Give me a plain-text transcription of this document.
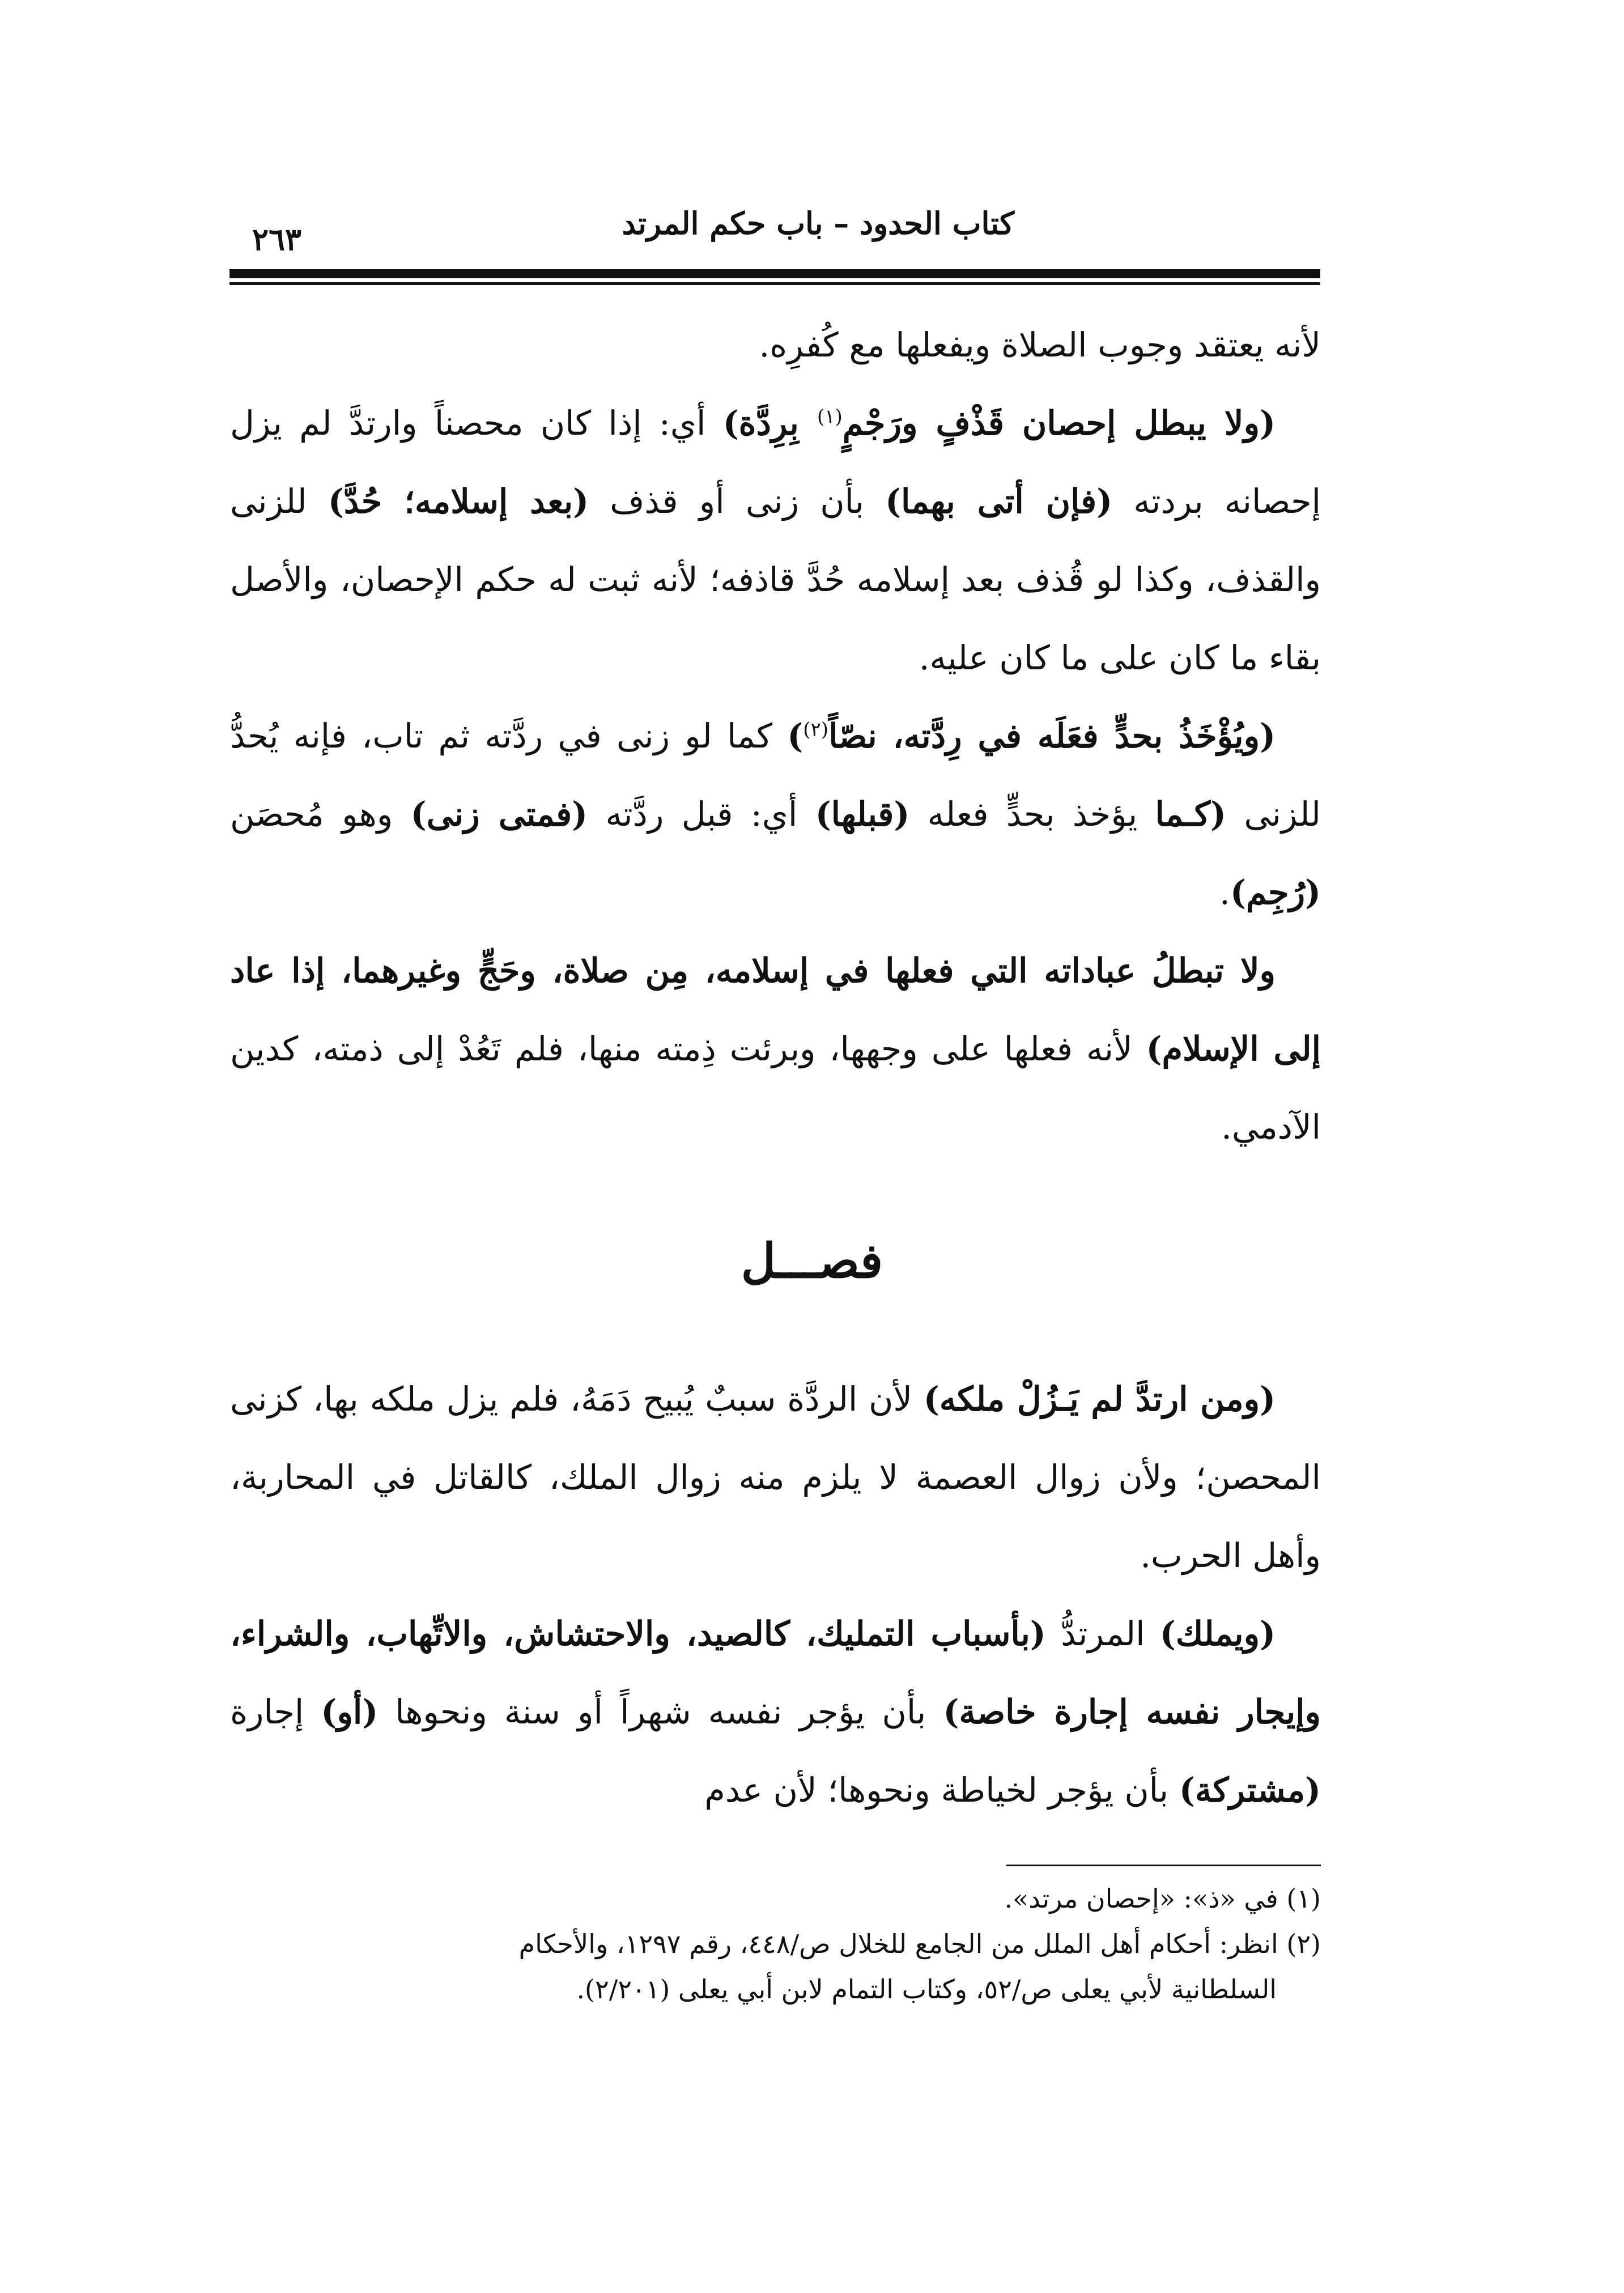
كتاب الحدود – باب حكم المرتد
٢٦٣

لأنه يعتقد وجوب الصلاة ويفعلها مع كُفرِه.

(ولا يبطل إحصان قَذْفٍ ورَجْمٍ$^{(١)}$ بِرِدَّة) أي: إذا كان محصناً وارتدَّ لم يزل إحصانه بردته (فإن أتى بهما) بأن زنى أو قذف (بعد إسلامه؛ حُدَّ) للزنى والقذف، وكذا لو قُذف بعد إسلامه حُدَّ قاذفه؛ لأنه ثبت له حكم الإحصان، والأصل بقاء ما كان على ما كان عليه.

(ويُؤْخَذُ بحدٍّ فعَلَه في رِدَّته، نصّاً$^{(٢)}$) كما لو زنى في ردَّته ثم تاب، فإنه يُحدُّ للزنى (كـما يؤخذ بحدٍّ فعله (قبلها) أي: قبل ردَّته (فمتى زنى) وهو مُحصَن (رُجِم).

ولا تبطلُ عباداته التي فعلها في إسلامه، مِن صلاة، وحَجٍّ وغيرهما، إذا عاد إلى الإسلام) لأنه فعلها على وجهها، وبرئت ذِمته منها، فلم تَعُدْ إلى ذمته، كدين الآدمي.

فصـــل

(ومن ارتدَّ لم يَـزُلْ ملكه) لأن الردَّة سببٌ يُبيح دَمَهُ، فلم يزل ملكه بها، كزنى المحصن؛ ولأن زوال العصمة لا يلزم منه زوال الملك، كالقاتل في المحاربة، وأهل الحرب.

(ويملك) المرتدُّ (بأسباب التمليك، كالصيد، والاحتشاش، والاتِّهاب، والشراء، وإيجار نفسه إجارة خاصة) بأن يؤجر نفسه شهراً أو سنة ونحوها (أو) إجارة (مشتركة) بأن يؤجر لخياطة ونحوها؛ لأن عدم

(١) في «ذ»: «إحصان مرتد».

(٢) انظر: أحكام أهل الملل من الجامع للخلال ص/٤٤٨، رقم ١٢٩٧، والأحكام

السلطانية لأبي يعلى ص/٥٢، وكتاب التمام لابن أبي يعلى (٢/٢٠١).
